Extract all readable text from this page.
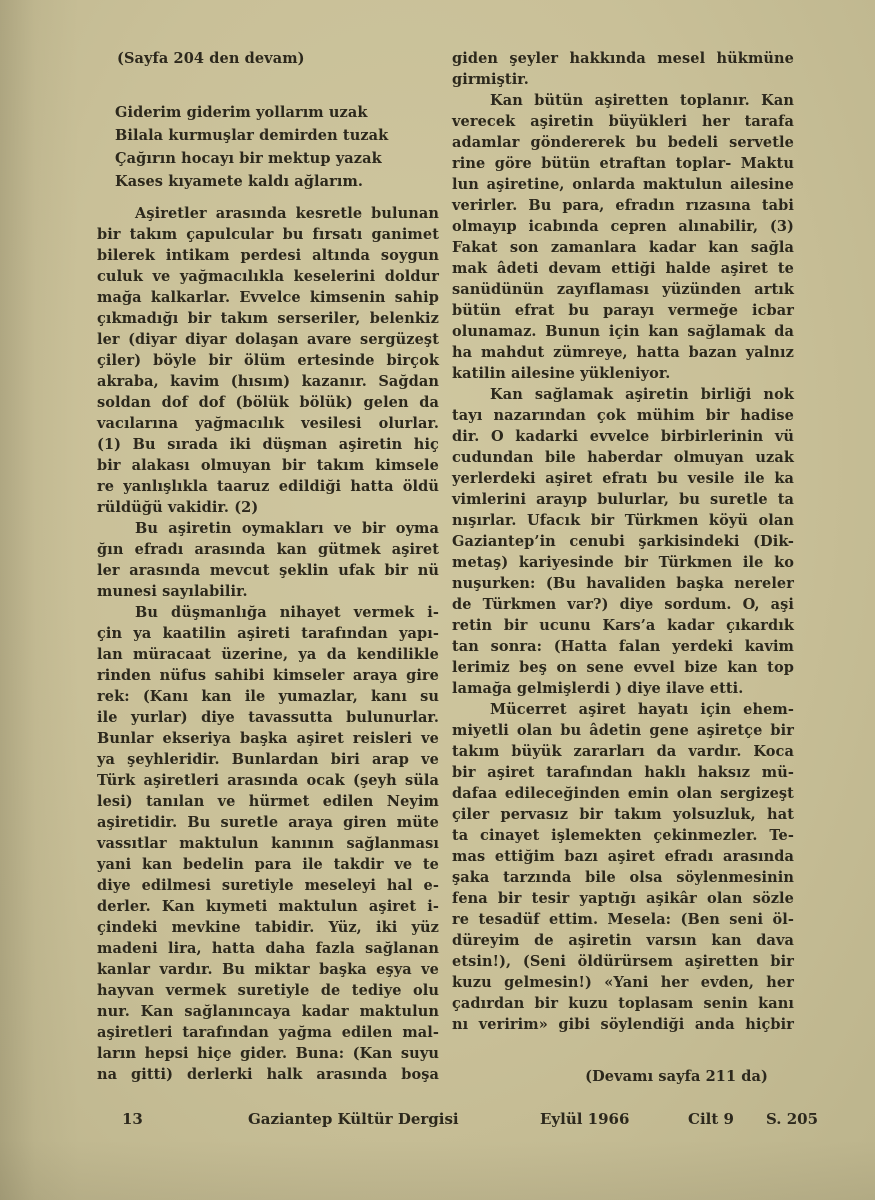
(Sayfa 204 den devam)
Giderim giderim yollarım uzak
Bilala kurmuşlar demirden tuzak
Çağırın hocayı bir mektup yazak
Kases kıyamete kaldı ağlarım.
Aşiretler arasında kesretle bulunan
bir takım çapulcular bu fırsatı ganimet
bilerek intikam perdesi altında soygun
culuk ve yağmacılıkla keselerini doldur
mağa kalkarlar. Evvelce kimsenin sahip
çıkmadığı bir takım serseriler, belenkiz
ler (diyar diyar dolaşan avare sergüzeşt
çiler) böyle bir ölüm ertesinde birçok
akraba, kavim (hısım) kazanır. Sağdan
soldan dof dof (bölük bölük) gelen da
vacılarına yağmacılık vesilesi olurlar.
(1) Bu sırada iki düşman aşiretin hiç
bir alakası olmuyan bir takım kimsele
re yanlışlıkla taaruz edildiği hatta öldü
rüldüğü vakidir. (2)
Bu aşiretin oymakları ve bir oyma
ğın efradı arasında kan gütmek aşiret
ler arasında mevcut şeklin ufak bir nü
munesi sayılabilir.
Bu düşmanlığa nihayet vermek i-
çin ya kaatilin aşireti tarafından yapı-
lan müracaat üzerine, ya da kendilikle
rinden nüfus sahibi kimseler araya gire
rek: (Kanı kan ile yumazlar, kanı su
ile yurlar) diye tavassutta bulunurlar.
Bunlar ekseriya başka aşiret reisleri ve
ya şeyhleridir. Bunlardan biri arap ve
Türk aşiretleri arasında ocak (şeyh süla
lesi) tanılan ve hürmet edilen Neyim
aşiretidir. Bu suretle araya giren müte
vassıtlar maktulun kanının sağlanması
yani kan bedelin para ile takdir ve te
diye edilmesi suretiyle meseleyi hal e-
derler. Kan kıymeti maktulun aşiret i-
çindeki mevkine tabidir. Yüz, iki yüz
madeni lira, hatta daha fazla sağlanan
kanlar vardır. Bu miktar başka eşya ve
hayvan vermek suretiyle de tediye olu
nur. Kan sağlanıncaya kadar maktulun
aşiretleri tarafından yağma edilen mal-
ların hepsi hiçe gider. Buna: (Kan suyu
na gitti) derlerki halk arasında boşa
giden şeyler hakkında mesel hükmüne
girmiştir.
Kan bütün aşiretten toplanır. Kan
verecek aşiretin büyükleri her tarafa
adamlar göndererek bu bedeli servetle
rine göre bütün etraftan toplar- Maktu
lun aşiretine, onlarda maktulun ailesine
verirler. Bu para, efradın rızasına tabi
olmayıp icabında cepren alınabilir, (3)
Fakat son zamanlara kadar kan sağla
mak âdeti devam ettiği halde aşiret te
sanüdünün zayıflaması yüzünden artık
bütün efrat bu parayı vermeğe icbar
olunamaz. Bunun için kan sağlamak da
ha mahdut zümreye, hatta bazan yalnız
katilin ailesine yükleniyor.
Kan sağlamak aşiretin birliği nok
tayı nazarından çok mühim bir hadise
dir. O kadarki evvelce birbirlerinin vü
cudundan bile haberdar olmuyan uzak
yerlerdeki aşiret efratı bu vesile ile ka
vimlerini arayıp bulurlar, bu suretle ta
nışırlar. Ufacık bir Türkmen köyü olan
Gaziantep’in cenubi şarkisindeki (Dik-
metaş) kariyesinde bir Türkmen ile ko
nuşurken: (Bu havaliden başka nereler
de Türkmen var?) diye sordum. O, aşi
retin bir ucunu Kars’a kadar çıkardık
tan sonra: (Hatta falan yerdeki kavim
lerimiz beş on sene evvel bize kan top
lamağa gelmişlerdi ) diye ilave etti.
Mücerret aşiret hayatı için ehem-
miyetli olan bu âdetin gene aşiretçe bir
takım büyük zararları da vardır. Koca
bir aşiret tarafından haklı haksız mü-
dafaa edileceğinden emin olan sergizeşt
çiler pervasız bir takım yolsuzluk, hat
ta cinayet işlemekten çekinmezler. Te-
mas ettiğim bazı aşiret efradı arasında
şaka tarzında bile olsa söylenmesinin
fena bir tesir yaptığı aşikâr olan sözle
re tesadüf ettim. Mesela: (Ben seni öl-
düreyim de aşiretin varsın kan dava
etsin!), (Seni öldürürsem aşiretten bir
kuzu gelmesin!) «Yani her evden, her
çadırdan bir kuzu toplasam senin kanı
nı veririm» gibi söylendiği anda hiçbir
(Devamı sayfa 211 da)
13	Gaziantep Kültür Dergisi	Eylül 1966	Cilt 9 S. 205
